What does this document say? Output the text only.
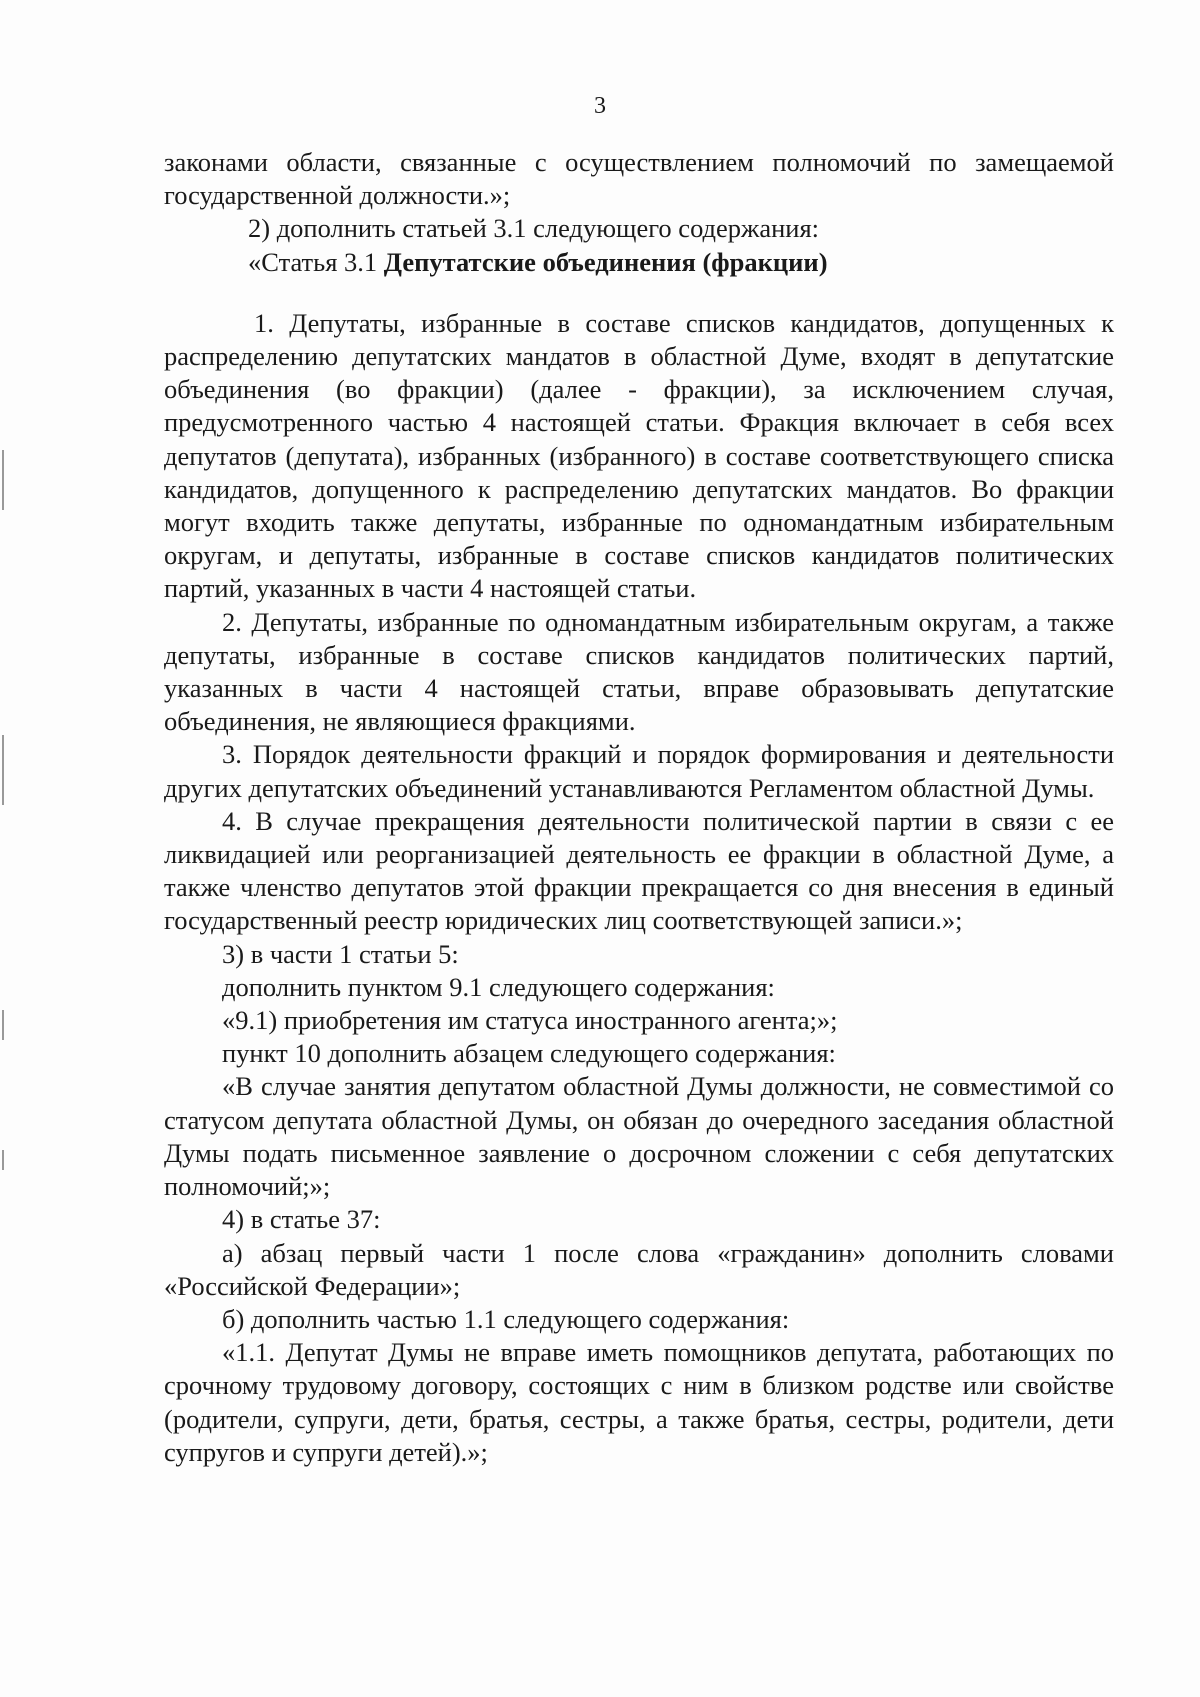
3

законами области, связанные с осуществлением полномочий по замещаемой государственной должности.»;

2) дополнить статьей 3.1 следующего содержания:

«Статья 3.1 Депутатские объединения (фракции)

1. Депутаты, избранные в составе списков кандидатов, допущенных к распределению депутатских мандатов в областной Думе, входят в депутатские объединения (во фракции) (далее - фракции), за исключением случая, предусмотренного частью 4 настоящей статьи. Фракция включает в себя всех депутатов (депутата), избранных (избранного) в составе соответствующего списка кандидатов, допущенного к распределению депутатских мандатов. Во фракции могут входить также депутаты, избранные по одномандатным избирательным округам, и депутаты, избранные в составе списков кандидатов политических партий, указанных в части 4 настоящей статьи.

2. Депутаты, избранные по одномандатным избирательным округам, а также депутаты, избранные в составе списков кандидатов политических партий, указанных в части 4 настоящей статьи, вправе образовывать депутатские объединения, не являющиеся фракциями.

3. Порядок деятельности фракций и порядок формирования и деятельности других депутатских объединений устанавливаются Регламентом областной Думы.

4. В случае прекращения деятельности политической партии в связи с ее ликвидацией или реорганизацией деятельность ее фракции в областной Думе, а также членство депутатов этой фракции прекращается со дня внесения в единый государственный реестр юридических лиц соответствующей записи.»;

3) в части 1 статьи 5:

дополнить пунктом 9.1 следующего содержания:

«9.1) приобретения им статуса иностранного агента;»;

пункт 10 дополнить абзацем следующего содержания:

«В случае занятия депутатом областной Думы должности, не совместимой со статусом депутата областной Думы, он обязан до очередного заседания областной Думы подать письменное заявление о досрочном сложении с себя депутатских полномочий;»;

4) в статье 37:

а) абзац первый части 1 после слова «гражданин» дополнить словами «Российской Федерации»;

б) дополнить частью 1.1 следующего содержания:

«1.1. Депутат Думы не вправе иметь помощников депутата, работающих по срочному трудовому договору, состоящих с ним в близком родстве или свойстве (родители, супруги, дети, братья, сестры, а также братья, сестры, родители, дети супругов и супруги детей).»;
